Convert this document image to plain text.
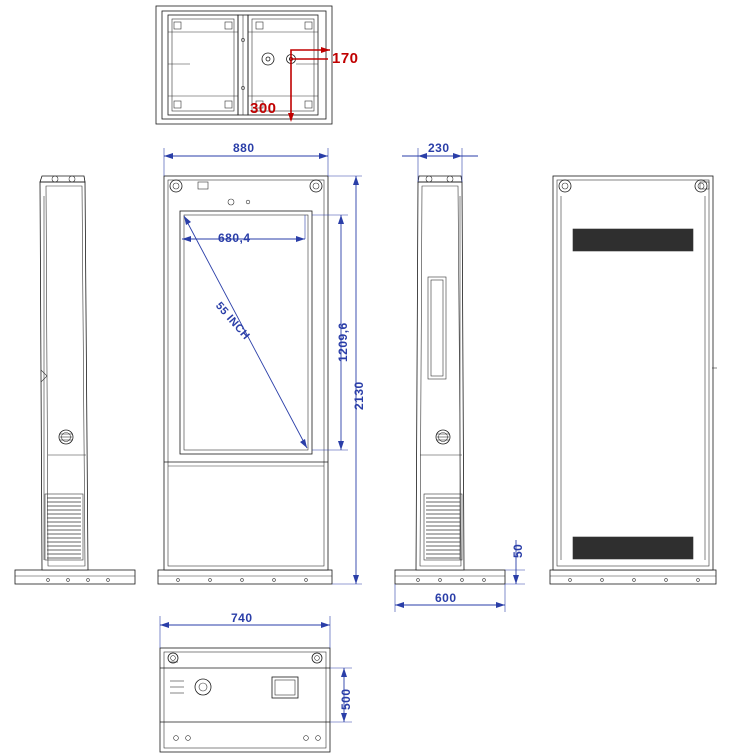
170
300
880
680,4
55 INCH	1209,6
2130
230
50
600
740
500
